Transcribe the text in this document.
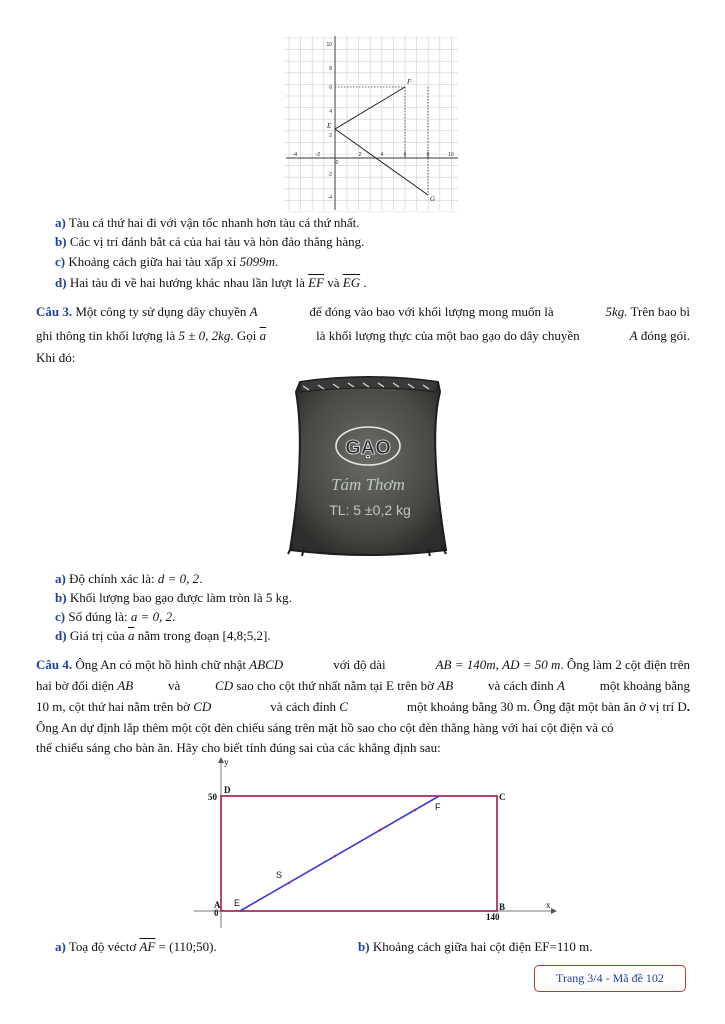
10
8
6
4
2
-2
-4
-4	-2
0
2	4	6	8	10
E
F
G
a) Tàu cá thứ hai đi với vận tốc nhanh hơn tàu cá thứ nhất.
b) Các vị trí đánh bắt cá của hai tàu và hòn đảo thẳng hàng.
c) Khoảng cách giữa hai tàu xấp xỉ 5099m.
d) Hai tàu đi về hai hướng khác nhau lần lượt là $\overline{EF}$ và $\overline{EG}$ .
Câu 3. Một công ty sử dụng dây chuyền A	để đóng vào bao với khối lượng mong muốn là	5kg. Trên bao bì
ghi thông tin khối lượng là 5 ± 0, 2kg. Gọi $\overline{a}$	là khối lượng thực của một bao gạo do dây chuyền	A đóng gói.
Khi đó:
GẠO
Tám Thơm
TL: 5 ±0,2 kg
a) Độ chính xác là: d = 0, 2.
b) Khối lượng bao gạo được làm tròn là 5 kg.
c) Số đúng là: a = 0, 2.
d) Giá trị của $\overline{a}$ nằm trong đoạn [4,8;5,2].
Câu 4. Ông An có một hồ hình chữ nhật ABCD	với độ dài	AB = 140m, AD = 50 m. Ông làm 2 cột điện trên
hai bờ đối diện AB	và	CD sao cho cột thứ nhất nằm tại E trên bờ AB	và cách đỉnh A	một khoảng bằng
10 m, cột thứ hai nằm trên bờ CD	và cách đỉnh C	một khoảng bằng 30 m. Ông đặt một bàn ăn ở vị trí D.
Ông An dự định lắp thêm một cột đèn chiếu sáng trên mặt hồ sao cho cột đèn thẳng hàng với hai cột điện và có
thể chiếu sáng cho bàn ăn. Hãy cho biết tính đúng sai của các khẳng định sau:
y
x
50
0	140
A	B
C
D
E
F
S
a) Toạ độ véctơ $\overline{AF}$ = (110;50).	b) Khoảng cách giữa hai cột điện EF=110 m.
Trang 3/4 - Mã đề 102
